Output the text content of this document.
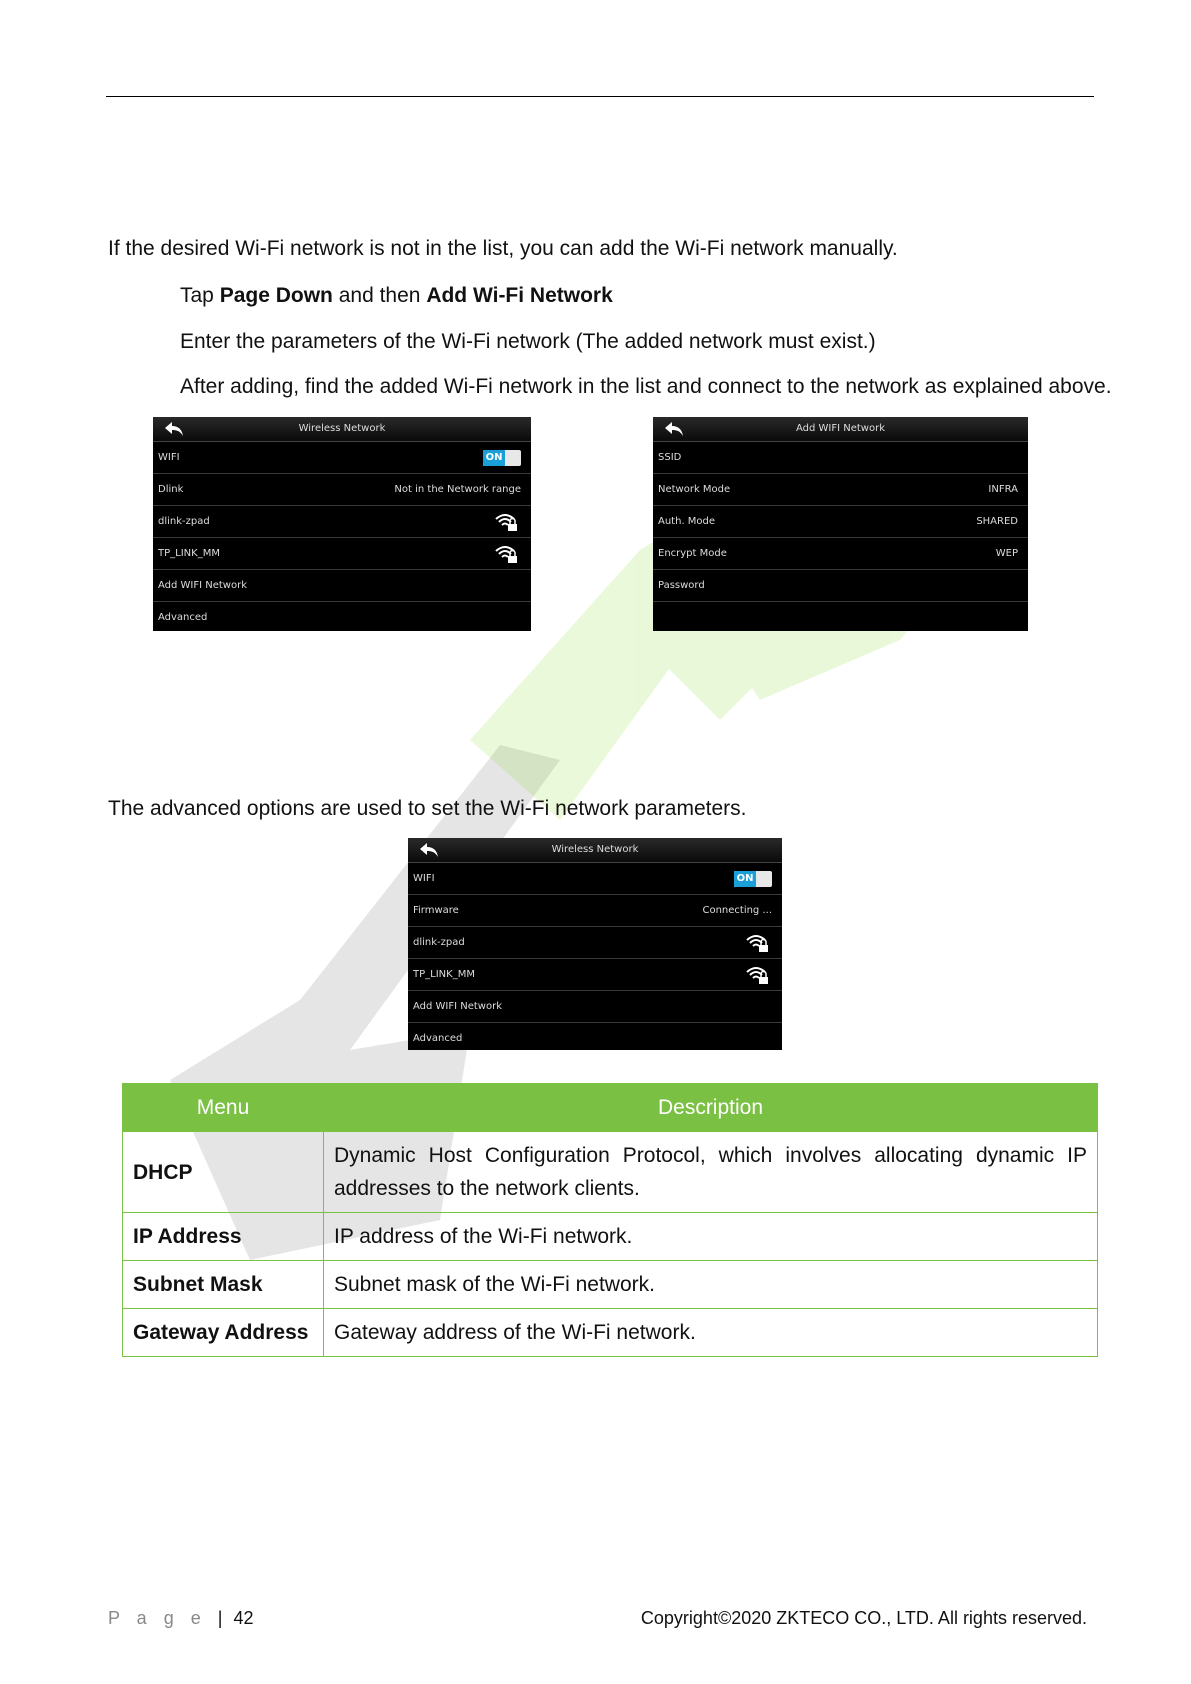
If the desired Wi-Fi network is not in the list, you can add the Wi-Fi network manually.
Tap Page Down and then Add Wi-Fi Network
Enter the parameters of the Wi-Fi network (The added network must exist.)
After adding, find the added Wi-Fi network in the list and connect to the network as explained above.
Wireless Network
WIFI	ON
Dlink	Not in the Network range
dlink-zpad
TP_LINK_MM
Add WIFI Network
Advanced
Add WIFI Network
SSID
Network Mode	INFRA
Auth. Mode	SHARED
Encrypt Mode	WEP
Password
The advanced options are used to set the Wi-Fi network parameters.
Wireless Network
WIFI	ON
Firmware	Connecting ...
dlink-zpad
TP_LINK_MM
Add WIFI Network
Advanced
Menu	Description
DHCP	Dynamic Host Configuration Protocol, which involves allocating dynamic IP addresses to the network clients.
IP Address	IP address of the Wi-Fi network.
Subnet Mask	Subnet mask of the Wi-Fi network.
Gateway Address	Gateway address of the Wi-Fi network.
P a g e | 42	Copyright©2020 ZKTECO CO., LTD. All rights reserved.
